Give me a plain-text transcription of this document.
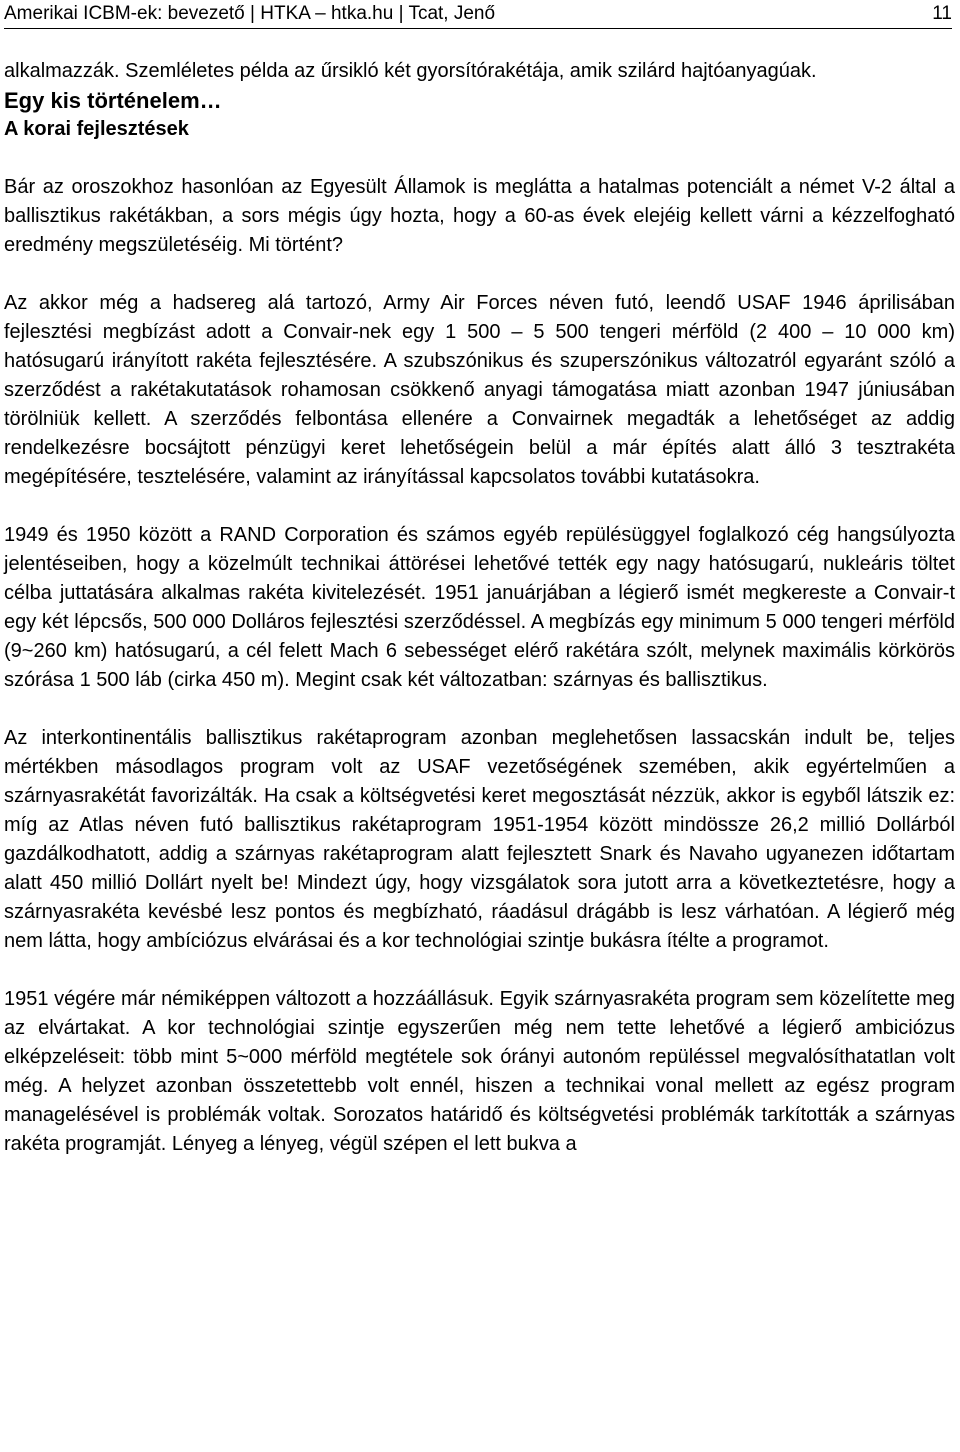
Amerikai ICBM-ek: bevezető | HTKA – htka.hu | Tcat, Jenő	11

alkalmazzák. Szemléletes példa az űrsikló két gyorsítórakétája, amik szilárd hajtóanyagúak.

Egy kis történelem…

A korai fejlesztések

Bár az oroszokhoz hasonlóan az Egyesült Államok is meglátta a hatalmas potenciált a német V-2 által a ballisztikus rakétákban, a sors mégis úgy hozta, hogy a 60-as évek elejéig kellett várni a kézzelfogható eredmény megszületéséig. Mi történt?

Az akkor még a hadsereg alá tartozó, Army Air Forces néven futó, leendő USAF 1946 áprilisában fejlesztési megbízást adott a Convair-nek egy 1 500 – 5 500 tengeri mérföld (2 400 – 10 000 km) hatósugarú irányított rakéta fejlesztésére. A szubszónikus és szuperszónikus változatról egyaránt szóló a szerződést a rakétakutatások rohamosan csökkenő anyagi támogatása miatt azonban 1947 júniusában törölniük kellett. A szerződés felbontása ellenére a Convairnek megadták a lehetőséget az addig rendelkezésre bocsájtott pénzügyi keret lehetőségein belül a már építés alatt álló 3 tesztrakéta megépítésére, tesztelésére, valamint az irányítással kapcsolatos további kutatásokra.

1949 és 1950 között a RAND Corporation és számos egyéb repülésüggyel foglalkozó cég hangsúlyozta jelentéseiben, hogy a közelmúlt technikai áttörései lehetővé tették egy nagy hatósugarú, nukleáris töltet célba juttatására alkalmas rakéta kivitelezését. 1951 januárjában a légierő ismét megkereste a Convair-t egy két lépcsős, 500 000 Dolláros fejlesztési szerződéssel. A megbízás egy minimum 5 000 tengeri mérföld (9~260 km) hatósugarú, a cél felett Mach 6 sebességet elérő rakétára szólt, melynek maximális körkörös szórása 1 500 láb (cirka 450 m). Megint csak két változatban: szárnyas és ballisztikus.

Az interkontinentális ballisztikus rakétaprogram azonban meglehetősen lassacskán indult be, teljes mértékben másodlagos program volt az USAF vezetőségének szemében, akik egyértelműen a szárnyasrakétát favorizálták. Ha csak a költségvetési keret megosztását nézzük, akkor is egyből látszik ez: míg az Atlas néven futó ballisztikus rakétaprogram 1951-1954 között mindössze 26,2 millió Dollárból gazdálkodhatott, addig a szárnyas rakétaprogram alatt fejlesztett Snark és Navaho ugyanezen időtartam alatt 450 millió Dollárt nyelt be! Mindezt úgy, hogy vizsgálatok sora jutott arra a következtetésre, hogy a szárnyasrakéta kevésbé lesz pontos és megbízható, ráadásul drágább is lesz várhatóan. A légierő még nem látta, hogy ambíciózus elvárásai és a kor technológiai szintje bukásra ítélte a programot.

1951 végére már némiképpen változott a hozzáállásuk. Egyik szárnyasrakéta program sem közelítette meg az elvártakat. A kor technológiai szintje egyszerűen még nem tette lehetővé a légierő ambiciózus elképzeléseit: több mint 5~000 mérföld megtétele sok órányi autonóm repüléssel megvalósíthatatlan volt még. A helyzet azonban összetettebb volt ennél, hiszen a technikai vonal mellett az egész program managelésével is problémák voltak. Sorozatos határidő és költségvetési problémák tarkították a szárnyas rakéta programját. Lényeg a lényeg, végül szépen el lett bukva a
